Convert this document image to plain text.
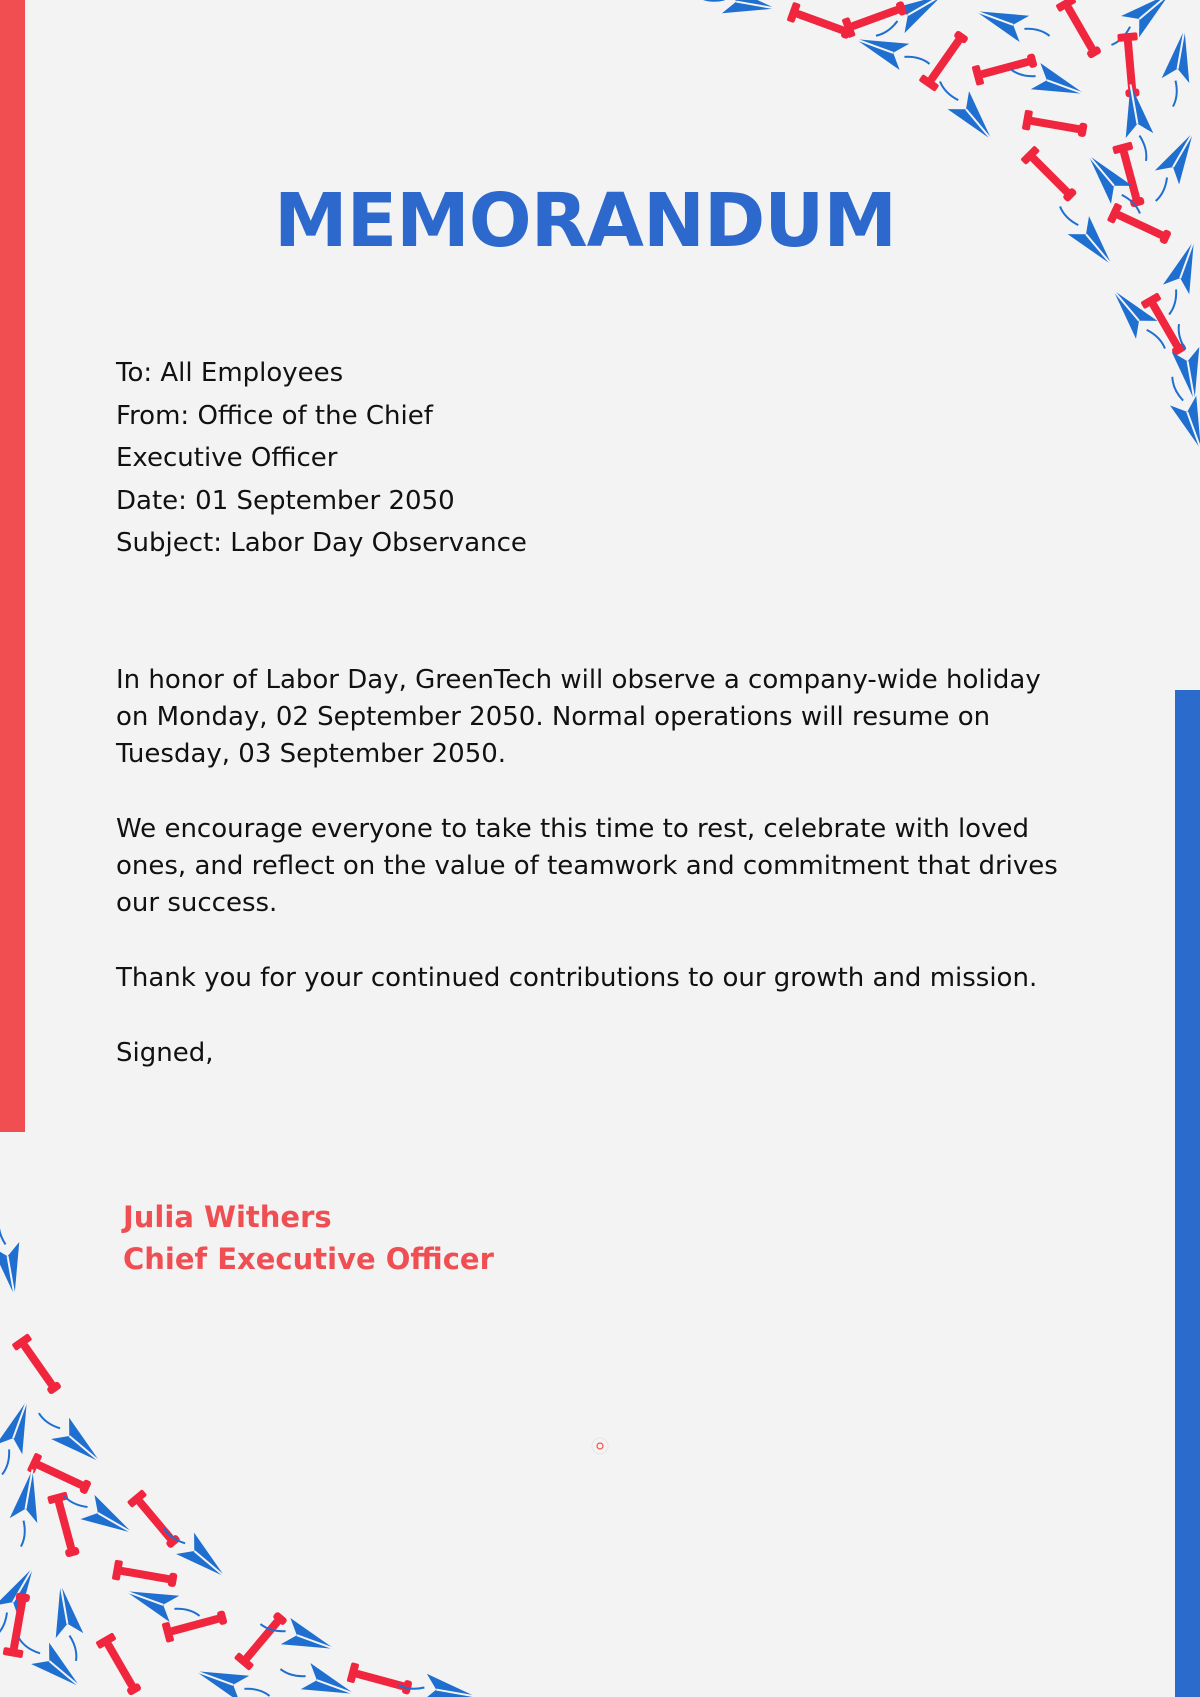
MEMORANDUM

To: All Employees

From: Office of the Chief

Executive Officer

Date: 01 September 2050

Subject: Labor Day Observance

In honor of Labor Day, GreenTech will observe a company-wide holiday on Monday, 02 September 2050. Normal operations will resume on Tuesday, 03 September 2050.

We encourage everyone to take this time to rest, celebrate with loved ones, and reflect on the value of teamwork and commitment that drives our success.

Thank you for your continued contributions to our growth and mission.

Signed,

Julia Withers

Chief Executive Officer
